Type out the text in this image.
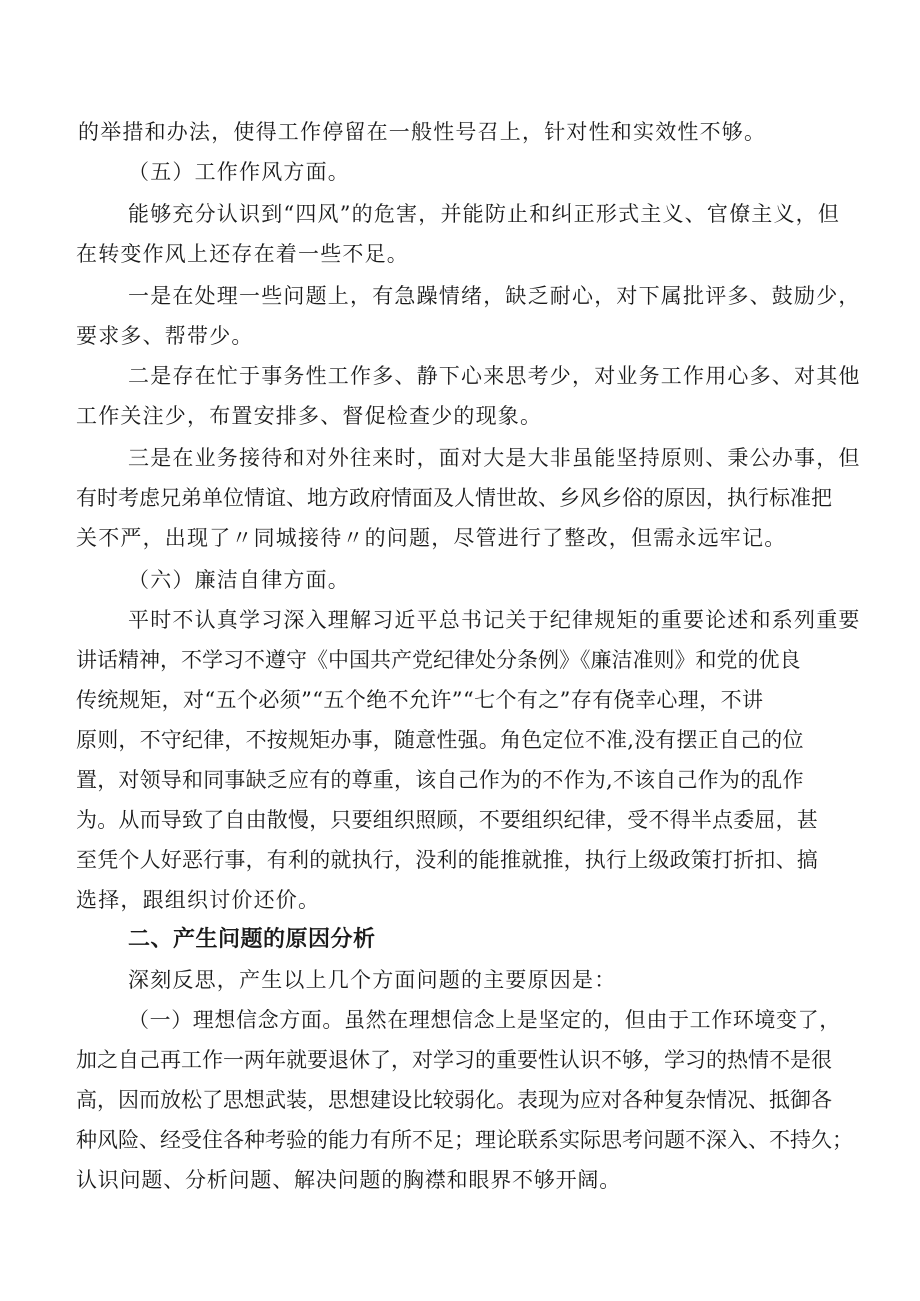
的举措和办法，使得工作停留在一般性号召上，针对性和实效性不够。
（五）工作作风方面。
能够充分认识到“四风”的危害，并能防止和纠正形式主义、官僚主义，但
在转变作风上还存在着一些不足。
一是在处理一些问题上，有急躁情绪，缺乏耐心，对下属批评多、鼓励少，
要求多、帮带少。
二是存在忙于事务性工作多、静下心来思考少，对业务工作用心多、对其他
工作关注少，布置安排多、督促检查少的现象。
三是在业务接待和对外往来时，面对大是大非虽能坚持原则、秉公办事，但
有时考虑兄弟单位情谊、地方政府情面及人情世故、乡风乡俗的原因，执行标准把
关不严，出现了〃同城接待〃的问题，尽管进行了整改，但需永远牢记。
（六）廉洁自律方面。
平时不认真学习深入理解习近平总书记关于纪律规矩的重要论述和系列重要
讲话精神，不学习不遵守《中国共产党纪律处分条例》《廉洁准则》和党的优良
传统规矩，对“五个必须”“五个绝不允许”“七个有之”存有侥幸心理，不讲
原则，不守纪律，不按规矩办事，随意性强。角色定位不准,没有摆正自己的位
置，对领导和同事缺乏应有的尊重，该自己作为的不作为,不该自己作为的乱作
为。从而导致了自由散慢，只要组织照顾，不要组织纪律，受不得半点委屈，甚
至凭个人好恶行事，有利的就执行，没利的能推就推，执行上级政策打折扣、搞
选择，跟组织讨价还价。
二、产生问题的原因分析
深刻反思，产生以上几个方面问题的主要原因是：
（一）理想信念方面。虽然在理想信念上是坚定的，但由于工作环境变了，
加之自己再工作一两年就要退休了，对学习的重要性认识不够，学习的热情不是很
高，因而放松了思想武装，思想建设比较弱化。表现为应对各种复杂情况、抵御各
种风险、经受住各种考验的能力有所不足；理论联系实际思考问题不深入、不持久；
认识问题、分析问题、解决问题的胸襟和眼界不够开阔。
